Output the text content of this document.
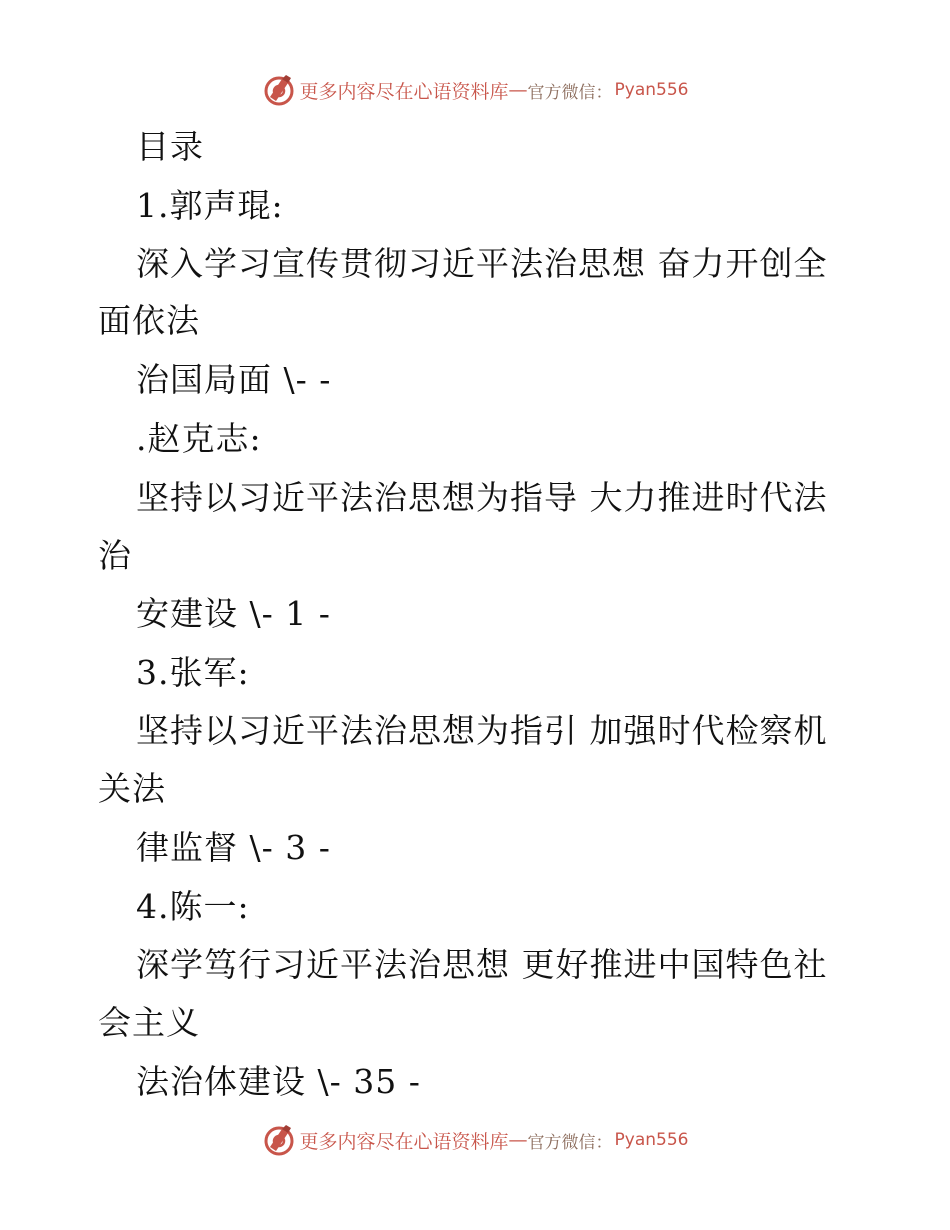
更多内容尽在心语资料库 — 官方微信： Pyan556
目录
1.郭声琨:
深入学习宣传贯彻习近平法治思想 奋力开创全
面依法
治国局面 \- -
.赵克志:
坚持以习近平法治思想为指导 大力推进时代法
治
安建设 \- 1 -
3.张军:
坚持以习近平法治思想为指引 加强时代检察机
关法
律监督 \- 3 -
4.陈一:
深学笃行习近平法治思想 更好推进中国特色社
会主义
法治体建设 \- 35 -
更多内容尽在心语资料库 — 官方微信： Pyan556
